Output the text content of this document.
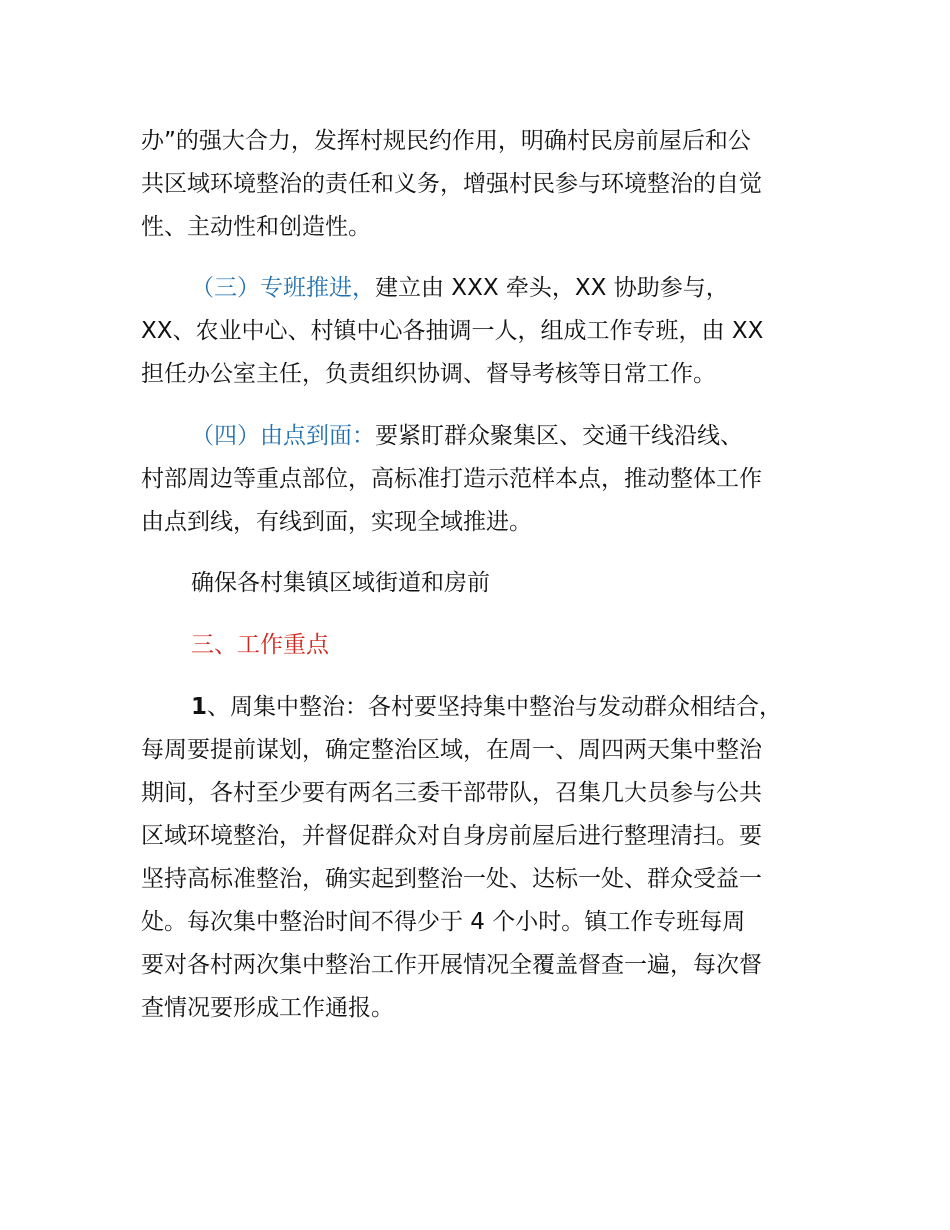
办”的强大合力，发挥村规民约作用，明确村民房前屋后和公
共区域环境整治的责任和义务，增强村民参与环境整治的自觉
性、主动性和创造性。
（三）专班推进，建立由 XXX 牵头，XX 协助参与，
XX、农业中心、村镇中心各抽调一人，组成工作专班，由 XX
担任办公室主任，负责组织协调、督导考核等日常工作。
（四）由点到面：要紧盯群众聚集区、交通干线沿线、
村部周边等重点部位，高标准打造示范样本点，推动整体工作
由点到线，有线到面，实现全域推进。
确保各村集镇区域街道和房前
三、工作重点
1、周集中整治：各村要坚持集中整治与发动群众相结合，
每周要提前谋划，确定整治区域，在周一、周四两天集中整治
期间，各村至少要有两名三委干部带队，召集几大员参与公共
区域环境整治，并督促群众对自身房前屋后进行整理清扫。要
坚持高标准整治，确实起到整治一处、达标一处、群众受益一
处。每次集中整治时间不得少于 4 个小时。镇工作专班每周
要对各村两次集中整治工作开展情况全覆盖督查一遍，每次督
查情况要形成工作通报。
